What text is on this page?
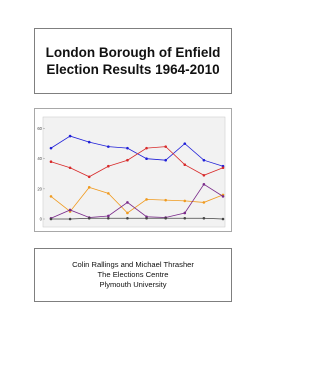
London Borough of Enfield
Election Results 1964-2010
0
20
40
60
Colin Rallings and Michael Thrasher
The Elections Centre
Plymouth University
